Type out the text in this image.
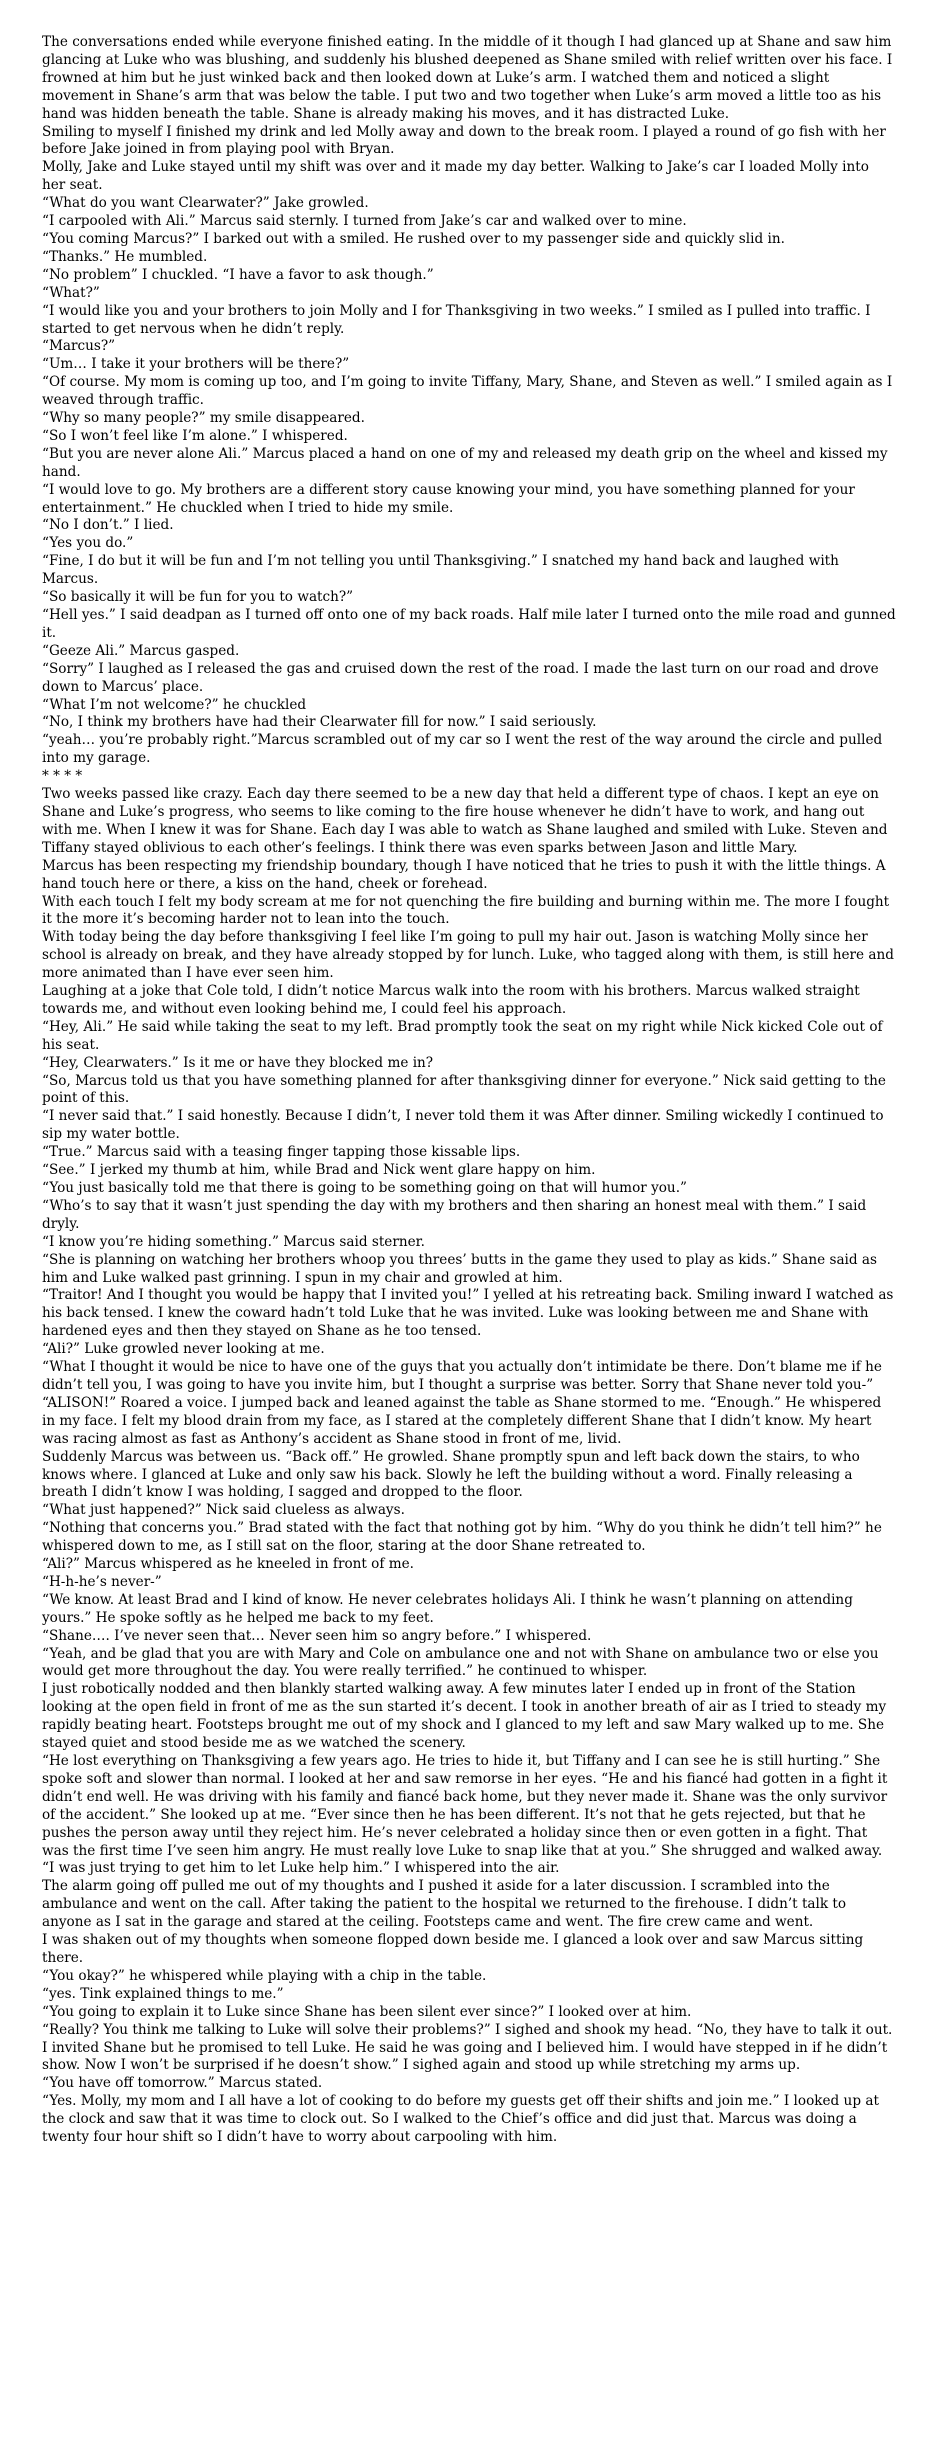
The conversations ended while everyone finished eating. In the middle of it though I had glanced up at Shane and saw him glancing at Luke who was blushing, and suddenly his blushed deepened as Shane smiled with relief written over his face. I frowned at him but he just winked back and then looked down at Luke’s arm. I watched them and noticed a slight movement in Shane’s arm that was below the table. I put two and two together when Luke’s arm moved a little too as his hand was hidden beneath the table. Shane is already making his moves, and it has distracted Luke.

Smiling to myself I finished my drink and led Molly away and down to the break room. I played a round of go fish with her before Jake joined in from playing pool with Bryan.

Molly, Jake and Luke stayed until my shift was over and it made my day better. Walking to Jake’s car I loaded Molly into her seat.

“What do you want Clearwater?” Jake growled.

“I carpooled with Ali.” Marcus said sternly. I turned from Jake’s car and walked over to mine.

“You coming Marcus?” I barked out with a smiled. He rushed over to my passenger side and quickly slid in.

“Thanks.” He mumbled.

“No problem” I chuckled. “I have a favor to ask though.”

“What?”

“I would like you and your brothers to join Molly and I for Thanksgiving in two weeks.” I smiled as I pulled into traffic. I started to get nervous when he didn’t reply.

“Marcus?”

“Um… I take it your brothers will be there?”

“Of course. My mom is coming up too, and I’m going to invite Tiffany, Mary, Shane, and Steven as well.” I smiled again as I weaved through traffic.

“Why so many people?” my smile disappeared.

“So I won’t feel like I’m alone.” I whispered.

“But you are never alone Ali.” Marcus placed a hand on one of my and released my death grip on the wheel and kissed my hand.

“I would love to go. My brothers are a different story cause knowing your mind, you have something planned for your entertainment.” He chuckled when I tried to hide my smile.

“No I don’t.” I lied.

“Yes you do.”

“Fine, I do but it will be fun and I’m not telling you until Thanksgiving.” I snatched my hand back and laughed with Marcus.

“So basically it will be fun for you to watch?”

“Hell yes.” I said deadpan as I turned off onto one of my back roads. Half mile later I turned onto the mile road and gunned it.

“Geeze Ali.” Marcus gasped.

“Sorry” I laughed as I released the gas and cruised down the rest of the road. I made the last turn on our road and drove down to Marcus’ place.

“What I’m not welcome?” he chuckled

“No, I think my brothers have had their Clearwater fill for now.” I said seriously.

“yeah… you’re probably right.”Marcus scrambled out of my car so I went the rest of the way around the circle and pulled into my garage.

* * * *

Two weeks passed like crazy. Each day there seemed to be a new day that held a different type of chaos. I kept an eye on Shane and Luke’s progress, who seems to like coming to the fire house whenever he didn’t have to work, and hang out with me. When I knew it was for Shane. Each day I was able to watch as Shane laughed and smiled with Luke. Steven and Tiffany stayed oblivious to each other’s feelings. I think there was even sparks between Jason and little Mary.

Marcus has been respecting my friendship boundary, though I have noticed that he tries to push it with the little things. A hand touch here or there, a kiss on the hand, cheek or forehead.

With each touch I felt my body scream at me for not quenching the fire building and burning within me. The more I fought it the more it’s becoming harder not to lean into the touch.

With today being the day before thanksgiving I feel like I’m going to pull my hair out. Jason is watching Molly since her school is already on break, and they have already stopped by for lunch. Luke, who tagged along with them, is still here and more animated than I have ever seen him.

Laughing at a joke that Cole told, I didn’t notice Marcus walk into the room with his brothers. Marcus walked straight towards me, and without even looking behind me, I could feel his approach.

“Hey, Ali.” He said while taking the seat to my left. Brad promptly took the seat on my right while Nick kicked Cole out of his seat.

“Hey, Clearwaters.” Is it me or have they blocked me in?

“So, Marcus told us that you have something planned for after thanksgiving dinner for everyone.” Nick said getting to the point of this.

“I never said that.” I said honestly. Because I didn’t, I never told them it was After dinner. Smiling wickedly I continued to sip my water bottle.

“True.” Marcus said with a teasing finger tapping those kissable lips.

“See.” I jerked my thumb at him, while Brad and Nick went glare happy on him.

“You just basically told me that there is going to be something going on that will humor you.”

“Who’s to say that it wasn’t just spending the day with my brothers and then sharing an honest meal with them.” I said dryly.

“I know you’re hiding something.” Marcus said sterner.

“She is planning on watching her brothers whoop you threes’ butts in the game they used to play as kids.” Shane said as him and Luke walked past grinning. I spun in my chair and growled at him.

“Traitor! And I thought you would be happy that I invited you!” I yelled at his retreating back. Smiling inward I watched as his back tensed. I knew the coward hadn’t told Luke that he was invited. Luke was looking between me and Shane with hardened eyes and then they stayed on Shane as he too tensed.

“Ali?” Luke growled never looking at me.

“What I thought it would be nice to have one of the guys that you actually don’t intimidate be there. Don’t blame me if he didn’t tell you, I was going to have you invite him, but I thought a surprise was better. Sorry that Shane never told you-”

“ALISON!” Roared a voice. I jumped back and leaned against the table as Shane stormed to me. “Enough.” He whispered in my face. I felt my blood drain from my face, as I stared at the completely different Shane that I didn’t know. My heart was racing almost as fast as Anthony’s accident as Shane stood in front of me, livid.

Suddenly Marcus was between us. “Back off.” He growled. Shane promptly spun and left back down the stairs, to who knows where. I glanced at Luke and only saw his back. Slowly he left the building without a word. Finally releasing a breath I didn’t know I was holding, I sagged and dropped to the floor.

“What just happened?” Nick said clueless as always.

“Nothing that concerns you.” Brad stated with the fact that nothing got by him. “Why do you think he didn’t tell him?” he whispered down to me, as I still sat on the floor, staring at the door Shane retreated to.

“Ali?” Marcus whispered as he kneeled in front of me.

“H-h-he’s never-”

“We know. At least Brad and I kind of know. He never celebrates holidays Ali. I think he wasn’t planning on attending yours.” He spoke softly as he helped me back to my feet.

“Shane…. I’ve never seen that… Never seen him so angry before.” I whispered.

“Yeah, and be glad that you are with Mary and Cole on ambulance one and not with Shane on ambulance two or else you would get more throughout the day. You were really terrified.” he continued to whisper.

I just robotically nodded and then blankly started walking away. A few minutes later I ended up in front of the Station looking at the open field in front of me as the sun started it’s decent. I took in another breath of air as I tried to steady my rapidly beating heart. Footsteps brought me out of my shock and I glanced to my left and saw Mary walked up to me. She stayed quiet and stood beside me as we watched the scenery.

“He lost everything on Thanksgiving a few years ago. He tries to hide it, but Tiffany and I can see he is still hurting.” She spoke soft and slower than normal. I looked at her and saw remorse in her eyes. “He and his fiancé had gotten in a fight it didn’t end well. He was driving with his family and fiancé back home, but they never made it. Shane was the only survivor of the accident.” She looked up at me. “Ever since then he has been different. It’s not that he gets rejected, but that he pushes the person away until they reject him. He’s never celebrated a holiday since then or even gotten in a fight. That was the first time I’ve seen him angry. He must really love Luke to snap like that at you.” She shrugged and walked away.

“I was just trying to get him to let Luke help him.” I whispered into the air.

The alarm going off pulled me out of my thoughts and I pushed it aside for a later discussion. I scrambled into the ambulance and went on the call. After taking the patient to the hospital we returned to the firehouse. I didn’t talk to anyone as I sat in the garage and stared at the ceiling. Footsteps came and went. The fire crew came and went.

I was shaken out of my thoughts when someone flopped down beside me. I glanced a look over and saw Marcus sitting there.

“You okay?” he whispered while playing with a chip in the table.

“yes. Tink explained things to me.”

“You going to explain it to Luke since Shane has been silent ever since?” I looked over at him.

“Really? You think me talking to Luke will solve their problems?” I sighed and shook my head. “No, they have to talk it out. I invited Shane but he promised to tell Luke. He said he was going and I believed him. I would have stepped in if he didn’t show. Now I won’t be surprised if he doesn’t show.” I sighed again and stood up while stretching my arms up.

“You have off tomorrow.” Marcus stated.

“Yes. Molly, my mom and I all have a lot of cooking to do before my guests get off their shifts and join me.” I looked up at the clock and saw that it was time to clock out. So I walked to the Chief’s office and did just that. Marcus was doing a twenty four hour shift so I didn’t have to worry about carpooling with him.
